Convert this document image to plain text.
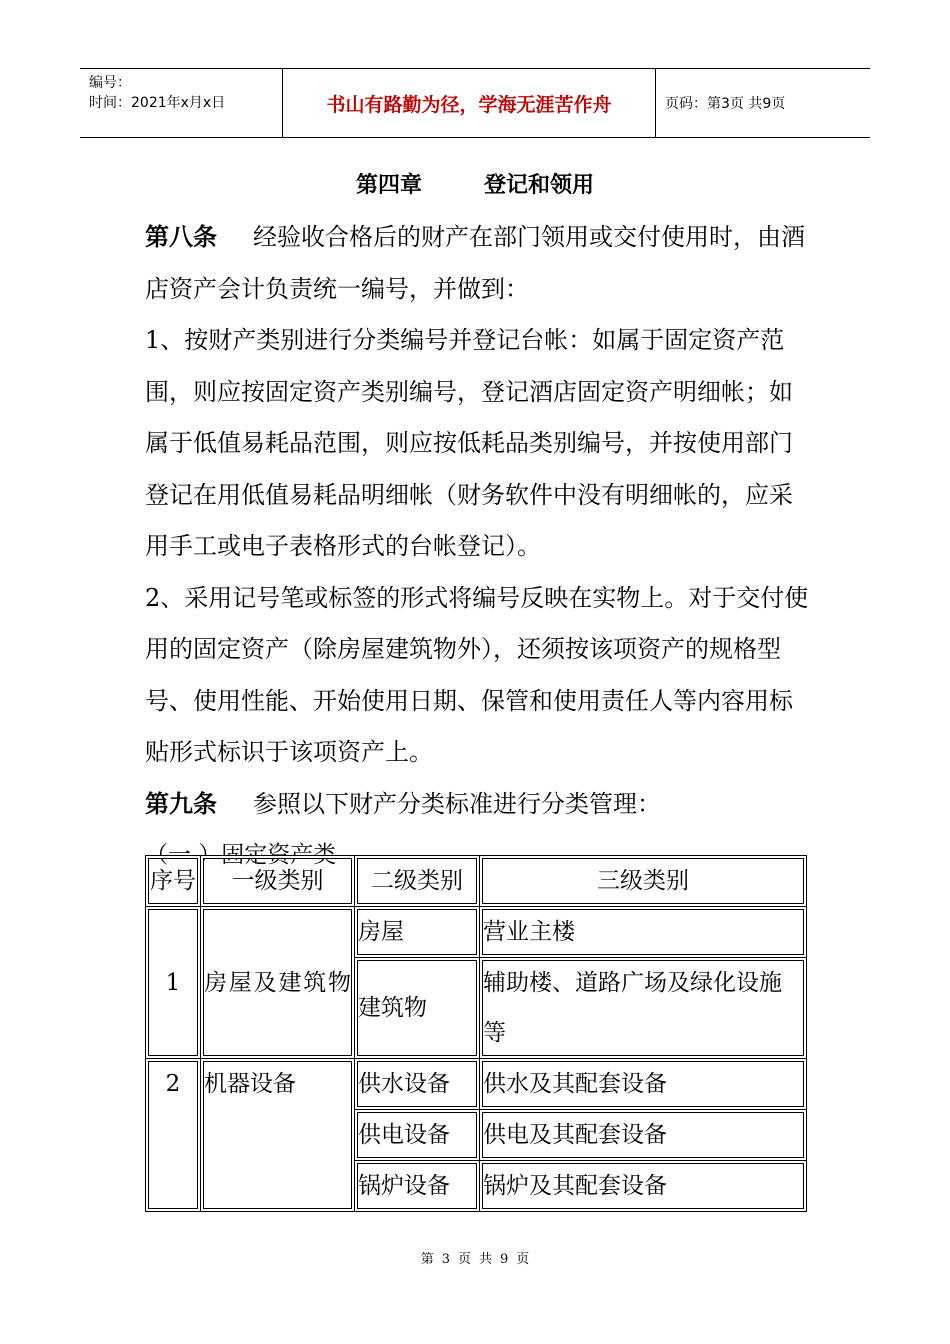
编号：
时间：2021年x月x日	书山有路勤为径，学海无涯苦作舟	页码：第3页 共9页
第四章	登记和领用

第八条 经验收合格后的财产在部门领用或交付使用时，由酒店资产会计负责统一编号，并做到：

1、按财产类别进行分类编号并登记台帐：如属于固定资产范围，则应按固定资产类别编号，登记酒店固定资产明细帐；如属于低值易耗品范围，则应按低耗品类别编号，并按使用部门登记在用低值易耗品明细帐（财务软件中没有明细帐的，应采用手工或电子表格形式的台帐登记）。

2、采用记号笔或标签的形式将编号反映在实物上。对于交付使用的固定资产（除房屋建筑物外），还须按该项资产的规格型号、使用性能、开始使用日期、保管和使用责任人等内容用标贴形式标识于该项资产上。

第九条 参照以下财产分类标准进行分类管理：

（一 ）固定资产类

序号	一级类别	二级类别	三级类别
1	房屋及建筑物	房屋	营业主楼
		建筑物	辅助楼、道路广场及绿化设施等
2	机器设备	供水设备	供水及其配套设备
		供电设备	供电及其配套设备
		锅炉设备	锅炉及其配套设备
第 3 页 共 9 页
